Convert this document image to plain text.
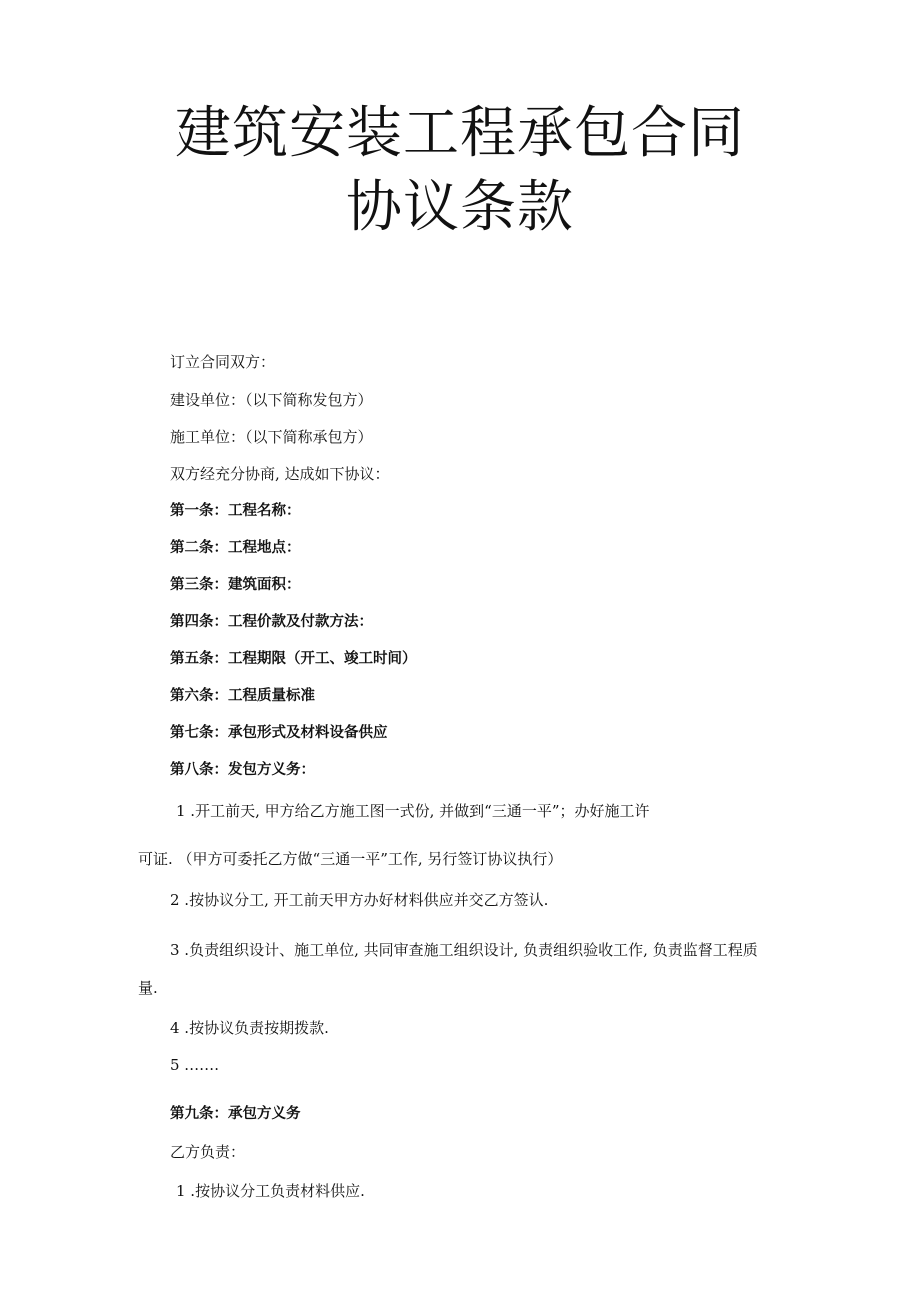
建筑安装工程承包合同
协议条款

订立合同双方：

建设单位：（以下简称发包方）

施工单位：（以下简称承包方）

双方经充分协商, 达成如下协议：

第一条：工程名称：

第二条：工程地点：

第三条：建筑面积：

第四条：工程价款及付款方法：

第五条：工程期限（开工、竣工时间）

第六条：工程质量标准

第七条：承包形式及材料设备供应

第八条：发包方义务：

1 .开工前天, 甲方给乙方施工图一式份, 并做到“三通一平”；办好施工许

可证. （甲方可委托乙方做“三通一平”工作, 另行签订协议执行）

2 .按协议分工, 开工前天甲方办好材料供应并交乙方签认.

3 .负责组织设计、施工单位, 共同审查施工组织设计, 负责组织验收工作, 负责监督工程质

量.

4 .按协议负责按期拨款.

5 .……

第九条：承包方义务

乙方负责：

1 .按协议分工负责材料供应.
